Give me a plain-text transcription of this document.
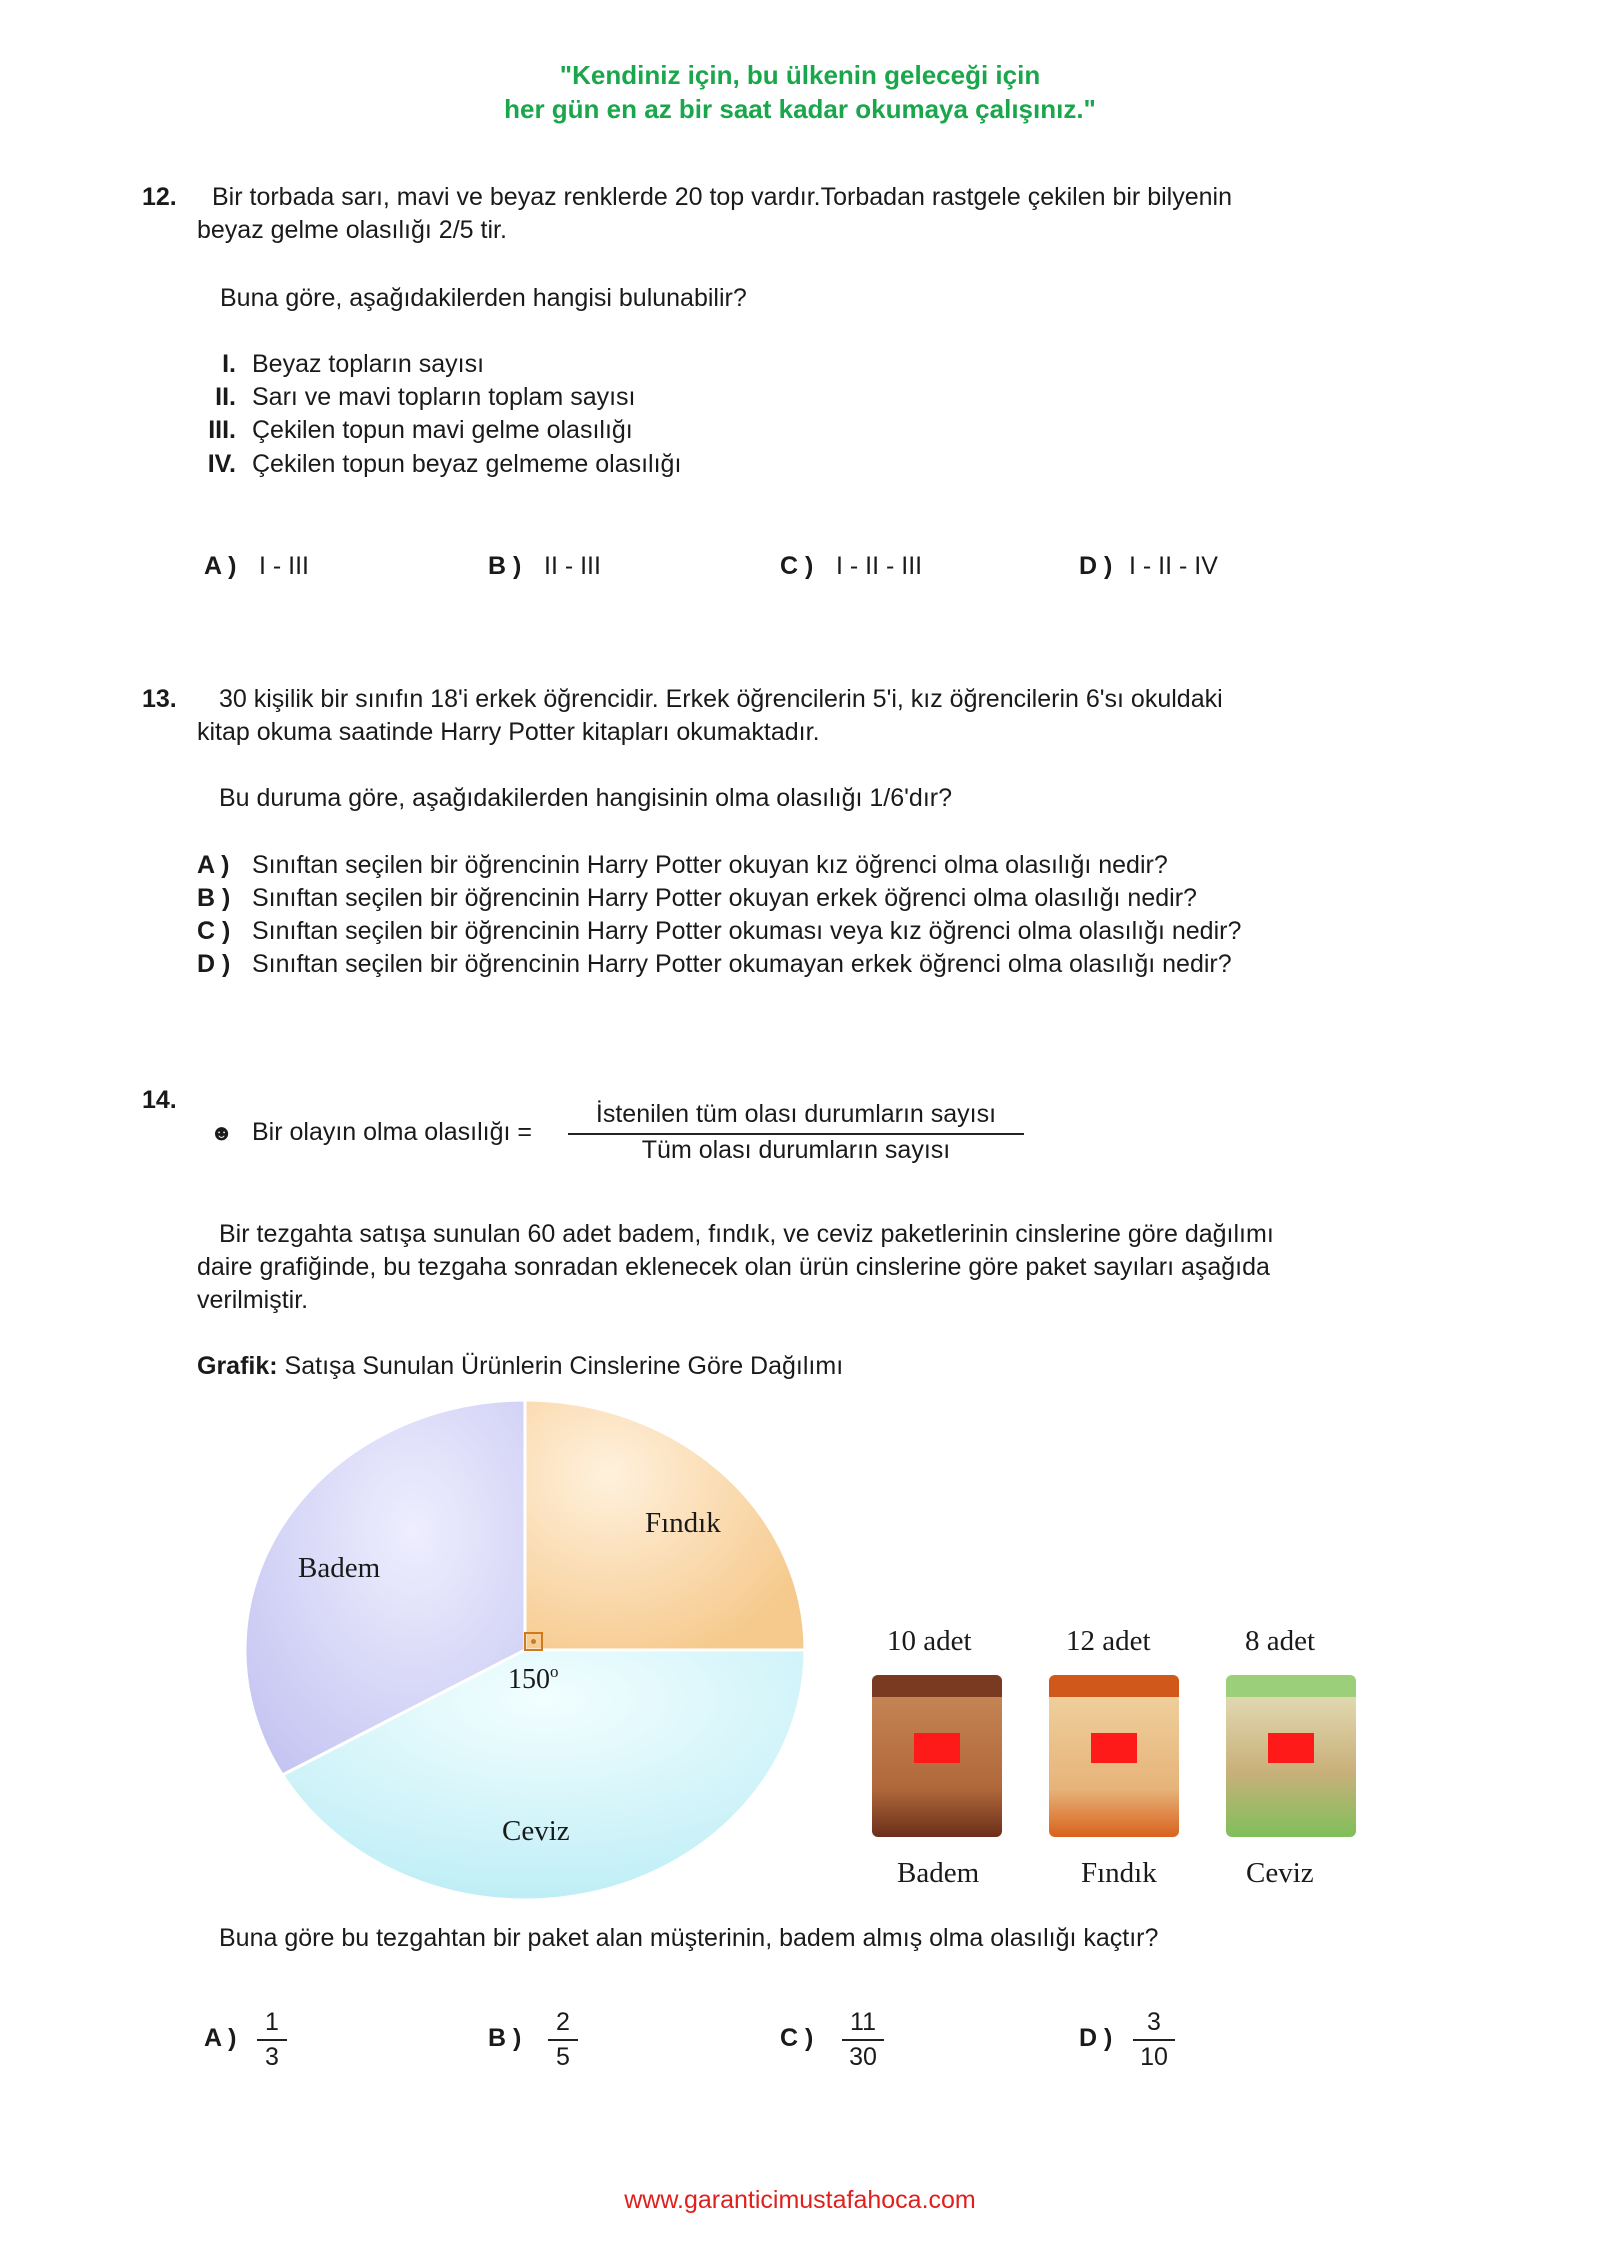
"Kendiniz için, bu ülkenin geleceği için
her gün en az bir saat kadar okumaya çalışınız."
12. Bir torbada sarı, mavi ve beyaz renklerde 20 top vardır.Torbadan rastgele çekilen bir bilyenin
beyaz gelme olasılığı 2/5 tir.
Buna göre, aşağıdakilerden hangisi bulunabilir?
I. Beyaz topların sayısı
II. Sarı ve mavi topların toplam sayısı
III. Çekilen topun mavi gelme olasılığı
IV. Çekilen topun beyaz gelmeme olasılığı
A ) I - III	B ) II - III	C ) I - II - III	D ) I - II - IV
13. 30 kişilik bir sınıfın 18'i erkek öğrencidir. Erkek öğrencilerin 5'i, kız öğrencilerin 6'sı okuldaki
kitap okuma saatinde Harry Potter kitapları okumaktadır.
Bu duruma göre, aşağıdakilerden hangisinin olma olasılığı 1/6'dır?
A ) Sınıftan seçilen bir öğrencinin Harry Potter okuyan kız öğrenci olma olasılığı nedir?
B ) Sınıftan seçilen bir öğrencinin Harry Potter okuyan erkek öğrenci olma olasılığı nedir?
C ) Sınıftan seçilen bir öğrencinin Harry Potter okuması veya kız öğrenci olma olasılığı nedir?
D ) Sınıftan seçilen bir öğrencinin Harry Potter okumayan erkek öğrenci olma olasılığı nedir?
14.
☻ Bir olayın olma olasılığı =
İstenilen tüm olası durumların sayısı
Tüm olası durumların sayısı
Bir tezgahta satışa sunulan 60 adet badem, fındık, ve ceviz paketlerinin cinslerine göre dağılımı
daire grafiğinde, bu tezgaha sonradan eklenecek olan ürün cinslerine göre paket sayıları aşağıda
verilmiştir.
Grafik: Satışa Sunulan Ürünlerin Cinslerine Göre Dağılımı
Fındık
Badem
Ceviz
150$^o$
10 adet	12 adet	8 adet
Badem	Fındık	Ceviz
Buna göre bu tezgahtan bir paket alan müşterinin, badem almış olma olasılığı kaçtır?
A )
1
3
B )
2
5
C )
11
30
D )
3
10
www.garanticimustafahoca.com
